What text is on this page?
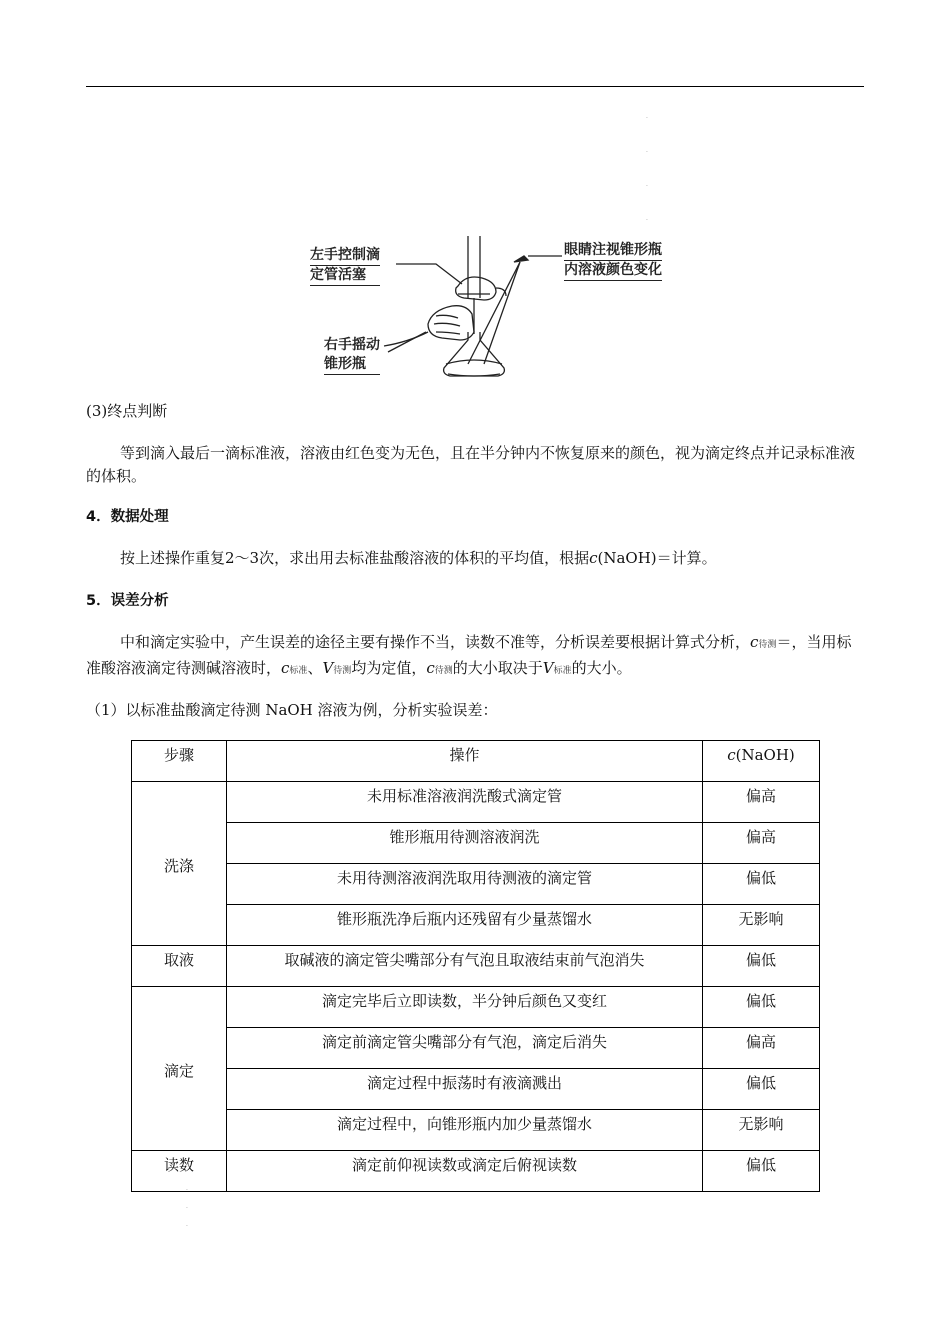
.
.
.
.
.
.
.
左手控制滴
定管活塞
眼睛注视锥形瓶
内溶液颜色变化
右手摇动
锥形瓶

(3)终点判断

等到滴入最后一滴标准液，溶液由红色变为无色，且在半分钟内不恢复原来的颜色，视为滴定终点并记录标准液的体积。

4．数据处理

按上述操作重复2～3次，求出用去标准盐酸溶液的体积的平均值，根据c(NaOH)＝计算。

5．误差分析

中和滴定实验中，产生误差的途径主要有操作不当，读数不准等，分析误差要根据计算式分析，c待测＝，当用标准酸溶液滴定待测碱溶液时，c标准、V待测均为定值，c待测的大小取决于V标准的大小。

（1）以标准盐酸滴定待测 NaOH 溶液为例，分析实验误差：

步骤	操作	c(NaOH)
洗涤	未用标准溶液润洗酸式滴定管	偏高
	锥形瓶用待测溶液润洗	偏高
	未用待测溶液润洗取用待测液的滴定管	偏低
	锥形瓶洗净后瓶内还残留有少量蒸馏水	无影响
取液	取碱液的滴定管尖嘴部分有气泡且取液结束前气泡消失	偏低
滴定	滴定完毕后立即读数，半分钟后颜色又变红	偏低
	滴定前滴定管尖嘴部分有气泡，滴定后消失	偏高
	滴定过程中振荡时有液滴溅出	偏低
	滴定过程中，向锥形瓶内加少量蒸馏水	无影响
读数	滴定前仰视读数或滴定后俯视读数	偏低
